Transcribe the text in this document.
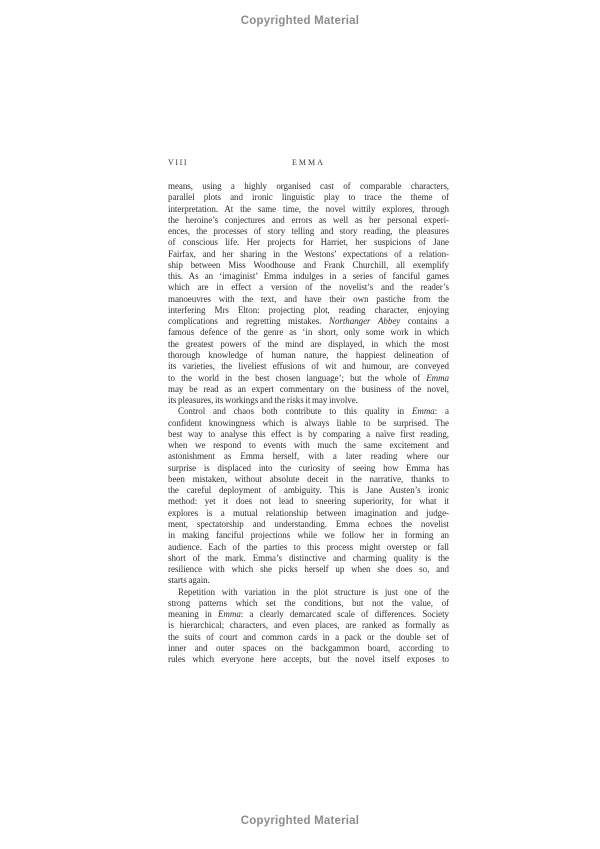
Copyrighted Material
VIII	EMMA
means, using a highly organised cast of comparable characters,
parallel plots and ironic linguistic play to trace the theme of
interpretation. At the same time, the novel wittily explores, through
the heroine’s conjectures and errors as well as her personal experi-
ences, the processes of story telling and story reading, the pleasures
of conscious life. Her projects for Harriet, her suspicions of Jane
Fairfax, and her sharing in the Westons’ expectations of a relation-
ship between Miss Woodhouse and Frank Churchill, all exemplify
this. As an ‘imaginist’ Emma indulges in a series of fanciful games
which are in effect a version of the novelist’s and the reader’s
manoeuvres with the text, and have their own pastiche from the
interfering Mrs Elton: projecting plot, reading character, enjoying
complications and regretting mistakes. Northanger Abbey contains a
famous defence of the genre as ‘in short, only some work in which
the greatest powers of the mind are displayed, in which the most
thorough knowledge of human nature, the happiest delineation of
its varieties, the liveliest effusions of wit and humour, are conveyed
to the world in the best chosen language’; but the whole of Emma
may be read as an expert commentary on the business of the novel,
its pleasures, its workings and the risks it may involve.
Control and chaos both contribute to this quality in Emma: a
confident knowingness which is always liable to be surprised. The
best way to analyse this effect is by comparing a naïve first reading,
when we respond to events with much the same excitement and
astonishment as Emma herself, with a later reading where our
surprise is displaced into the curiosity of seeing how Emma has
been mistaken, without absolute deceit in the narrative, thanks to
the careful deployment of ambiguity. This is Jane Austen’s ironic
method: yet it does not lead to sneering superiority, for what it
explores is a mutual relationship between imagination and judge-
ment, spectatorship and understanding. Emma echoes the novelist
in making fanciful projections while we follow her in forming an
audience. Each of the parties to this process might overstep or fall
short of the mark. Emma’s distinctive and charming quality is the
resilience with which she picks herself up when she does so, and
starts again.
Repetition with variation in the plot structure is just one of the
strong patterns which set the conditions, but not the value, of
meaning in Emma: a clearly demarcated scale of differences. Society
is hierarchical; characters, and even places, are ranked as formally as
the suits of court and common cards in a pack or the double set of
inner and outer spaces on the backgammon board, according to
rules which everyone here accepts, but the novel itself exposes to
Copyrighted Material
